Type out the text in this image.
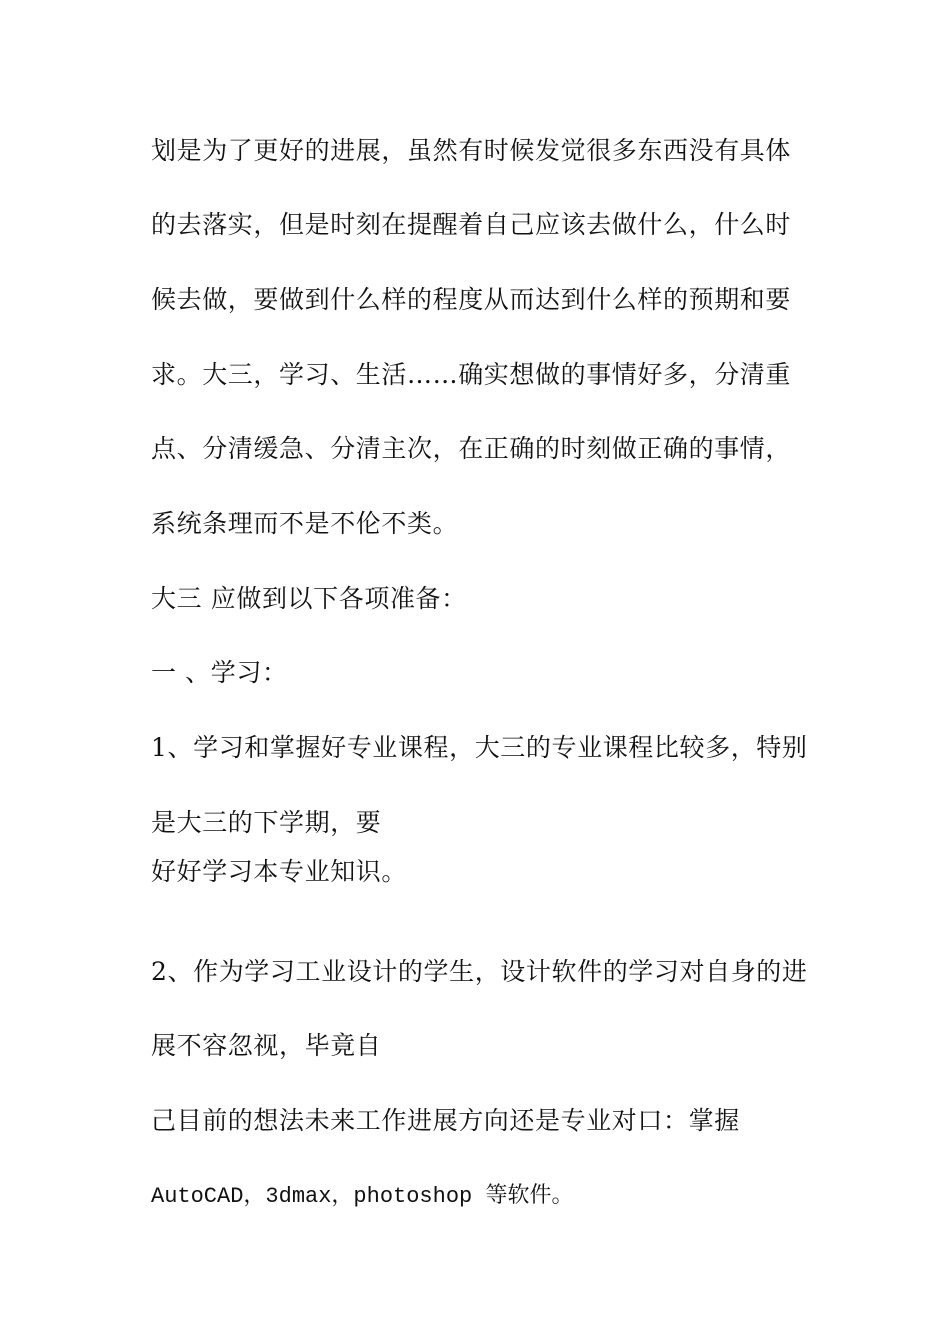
划是为了更好的进展，虽然有时候发觉很多东西没有具体
的去落实，但是时刻在提醒着自己应该去做什么，什么时
候去做，要做到什么样的程度从而达到什么样的预期和要
求。大三，学习、生活……确实想做的事情好多，分清重
点、分清缓急、分清主次，在正确的时刻做正确的事情，
系统条理而不是不伦不类。
大三 应做到以下各项准备：
一 、学习：
1、学习和掌握好专业课程，大三的专业课程比较多，特别
是大三的下学期，要
好好学习本专业知识。
2、作为学习工业设计的学生，设计软件的学习对自身的进
展不容忽视，毕竟自
己目前的想法未来工作进展方向还是专业对口：掌握
AutoCAD，3dmax，photoshop 等软件。
